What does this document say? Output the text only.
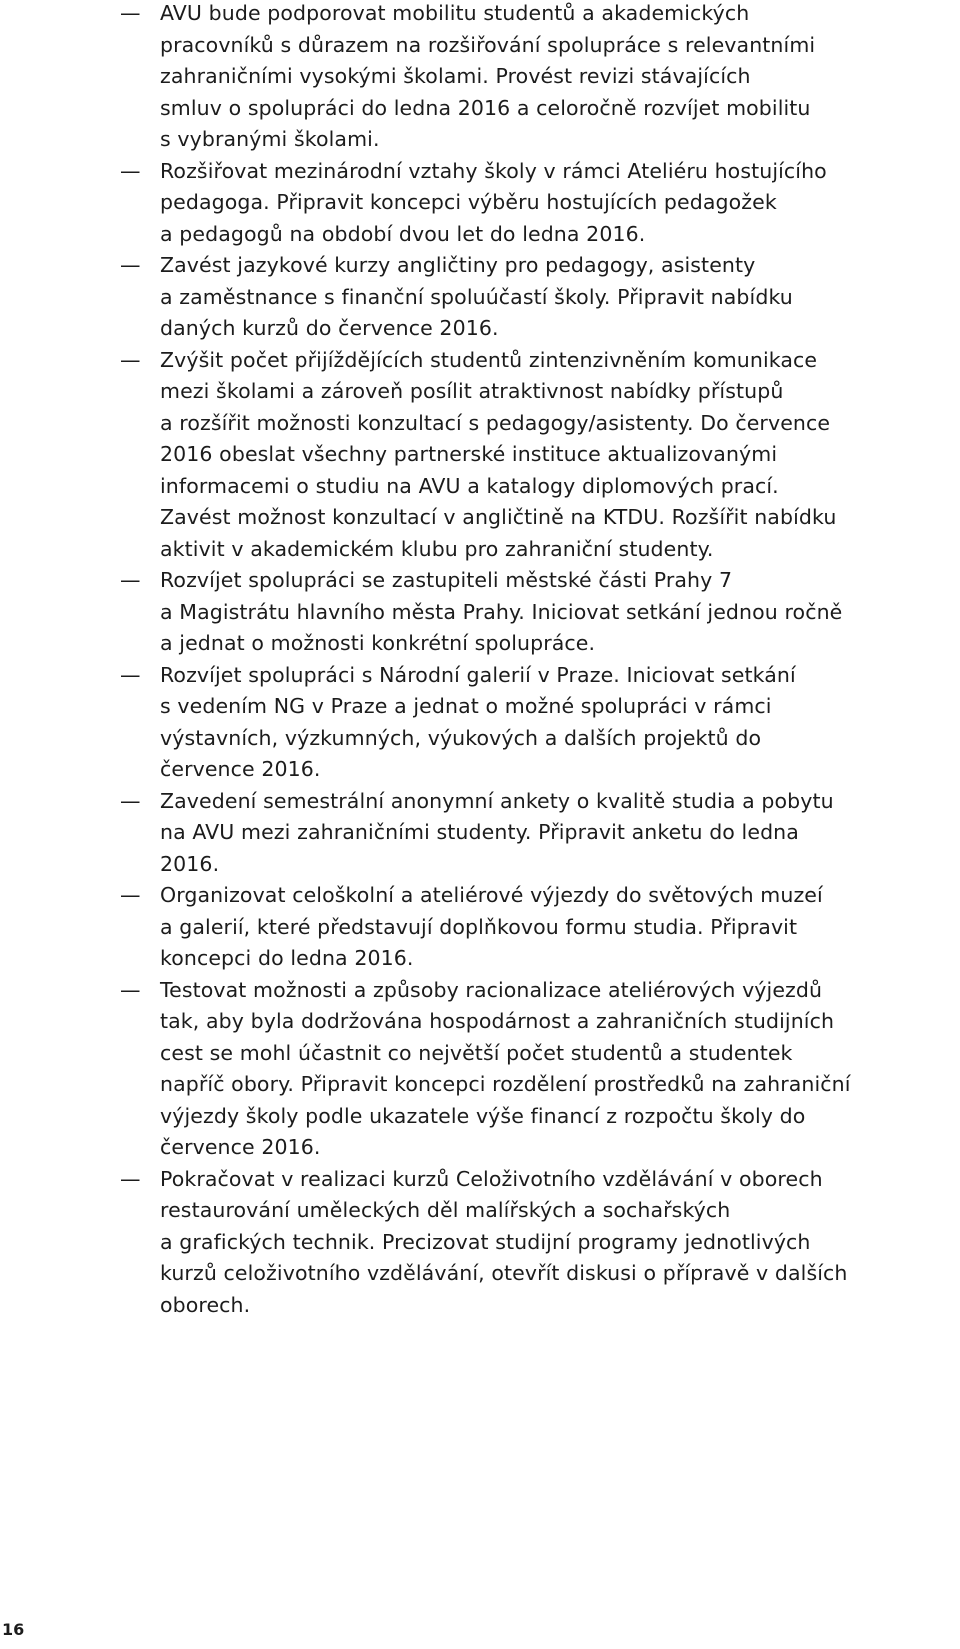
— AVU bude podporovat mobilitu studentů a akademických
pracovníků s důrazem na rozšiřování spolupráce s relevantními
zahraničními vysokými školami. Provést revizi stávajících
smluv o spolupráci do ledna 2016 a celoročně rozvíjet mobilitu
s vybranými školami.
— Rozšiřovat mezinárodní vztahy školy v rámci Ateliéru hostujícího
pedagoga. Připravit koncepci výběru hostujících pedagožek
a pedagogů na období dvou let do ledna 2016.
— Zavést jazykové kurzy angličtiny pro pedagogy, asistenty
a zaměstnance s finanční spoluúčastí školy. Připravit nabídku
daných kurzů do července 2016.
— Zvýšit počet přijíždějících studentů zintenzivněním komunikace
mezi školami a zároveň posílit atraktivnost nabídky přístupů
a rozšířit možnosti konzultací s pedagogy/asistenty. Do července
2016 obeslat všechny partnerské instituce aktualizovanými
informacemi o studiu na AVU a katalogy diplomových prací.
Zavést možnost konzultací v angličtině na KTDU. Rozšířit nabídku
aktivit v akademickém klubu pro zahraniční studenty.
— Rozvíjet spolupráci se zastupiteli městské části Prahy 7
a Magistrátu hlavního města Prahy. Iniciovat setkání jednou ročně
a jednat o možnosti konkrétní spolupráce.
— Rozvíjet spolupráci s Národní galerií v Praze. Iniciovat setkání
s vedením NG v Praze a jednat o možné spolupráci v rámci
výstavních, výzkumných, výukových a dalších projektů do
července 2016.
— Zavedení semestrální anonymní ankety o kvalitě studia a pobytu
na AVU mezi zahraničními studenty. Připravit anketu do ledna
2016.
— Organizovat celoškolní a ateliérové výjezdy do světových muzeí
a galerií, které představují doplňkovou formu studia. Připravit
koncepci do ledna 2016.
— Testovat možnosti a způsoby racionalizace ateliérových výjezdů
tak, aby byla dodržována hospodárnost a zahraničních studijních
cest se mohl účastnit co největší počet studentů a studentek
napříč obory. Připravit koncepci rozdělení prostředků na zahraniční
výjezdy školy podle ukazatele výše financí z rozpočtu školy do
července 2016.
— Pokračovat v realizaci kurzů Celoživotního vzdělávání v oborech
restaurování uměleckých děl malířských a sochařských
a grafických technik. Precizovat studijní programy jednotlivých
kurzů celoživotního vzdělávání, otevřít diskusi o přípravě v dalších
oborech.
16
